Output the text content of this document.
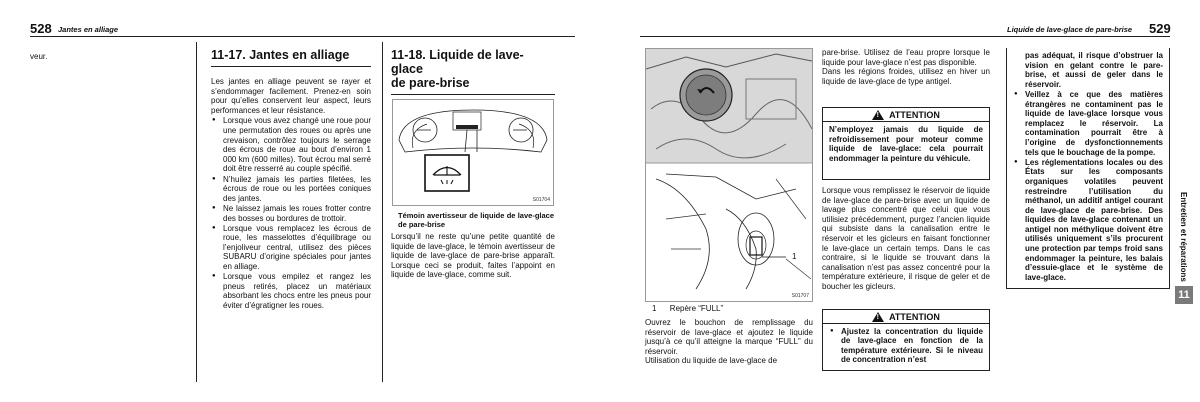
528 Jantes en alliage
veur.	11-17. Jantes en alliage
Les jantes en alliage peuvent se rayer et s’endommager facilement. Prenez-en soin pour qu’elles conservent leur aspect, leurs performances et leur résistance.
● Lorsque vous avez changé une roue pour une permutation des roues ou après une crevaison, contrôlez toujours le serrage des écrous de roue au bout d’environ 1 000 km (600 milles). Tout écrou mal serré doit être resserré au couple spécifié.
● N’huilez jamais les parties filetées, les écrous de roue ou les portées coniques des jantes.
● Ne laissez jamais les roues frotter contre des bosses ou bordures de trottoir.
● Lorsque vous remplacez les écrous de roue, les masselottes d’équilibrage ou l’enjoliveur central, utilisez des pièces SUBARU d’origine spéciales pour jantes en alliage.
● Lorsque vous empilez et rangez les pneus retirés, placez un matériaux absorbant les chocs entre les pneus pour éviter d’égratigner les roues.
11-18. Liquide de lave-glace
de pare-brise
S01704
Témoin avertisseur de liquide de lave-glace de pare-brise
Lorsqu’il ne reste qu’une petite quantité de liquide de lave-glace, le témoin avertisseur de liquide de lave-glace de pare-brise apparaît. Lorsque ceci se produit, faites l’appoint en liquide de lave-glace, comme suit.
Liquide de lave-glace de pare-brise 529
1
S01707
1      Repère “FULL”
Ouvrez le bouchon de remplissage du réservoir de lave-glace et ajoutez le liquide jusqu’à ce qu’il atteigne la marque “FULL” du réservoir.
Utilisation du liquide de lave-glace de
pare-brise. Utilisez de l’eau propre lorsque le liquide pour lave-glace n’est pas disponible.
Dans les régions froides, utilisez en hiver un liquide de lave-glace de type antigel.
! ATTENTION
N’employez jamais du liquide de refroidissement pour moteur comme liquide de lave-glace: cela pourrait endommager la peinture du véhicule.
Lorsque vous remplissez le réservoir de liquide de lave-glace de pare-brise avec un liquide de lavage plus concentré que celui que vous utilisiez précédemment, purgez l’ancien liquide qui subsiste dans la canalisation entre le réservoir et les gicleurs en faisant fonctionner le lave-glace un certain temps. Dans le cas contraire, si le liquide se trouvant dans la canalisation n’est pas assez concentré pour la température extérieure, il risque de geler et de boucher les gicleurs.
! ATTENTION
● Ajustez la concentration du liquide de lave-glace en fonction de la température extérieure. Si le niveau de concentration n’est
pas adéquat, il risque d’obstruer la vision en gelant contre le pare-brise, et aussi de geler dans le réservoir.
● Veillez à ce que des matières étrangères ne contaminent pas le liquide de lave-glace lorsque vous remplacez le réservoir. La contamination pourrait être à l’origine de dysfonctionnements tels que le bouchage de la pompe.
● Les réglementations locales ou des États sur les composants organiques volatiles peuvent restreindre l’utilisation du méthanol, un additif antigel courant de lave-glace de pare-brise. Des liquides de lave-glace contenant un antigel non méthylique doivent être utilisés uniquement s’ils procurent une protection par temps froid sans endommager la peinture, les balais d’essuie-glace et le système de lave-glace.	Entretien et réparations
11
